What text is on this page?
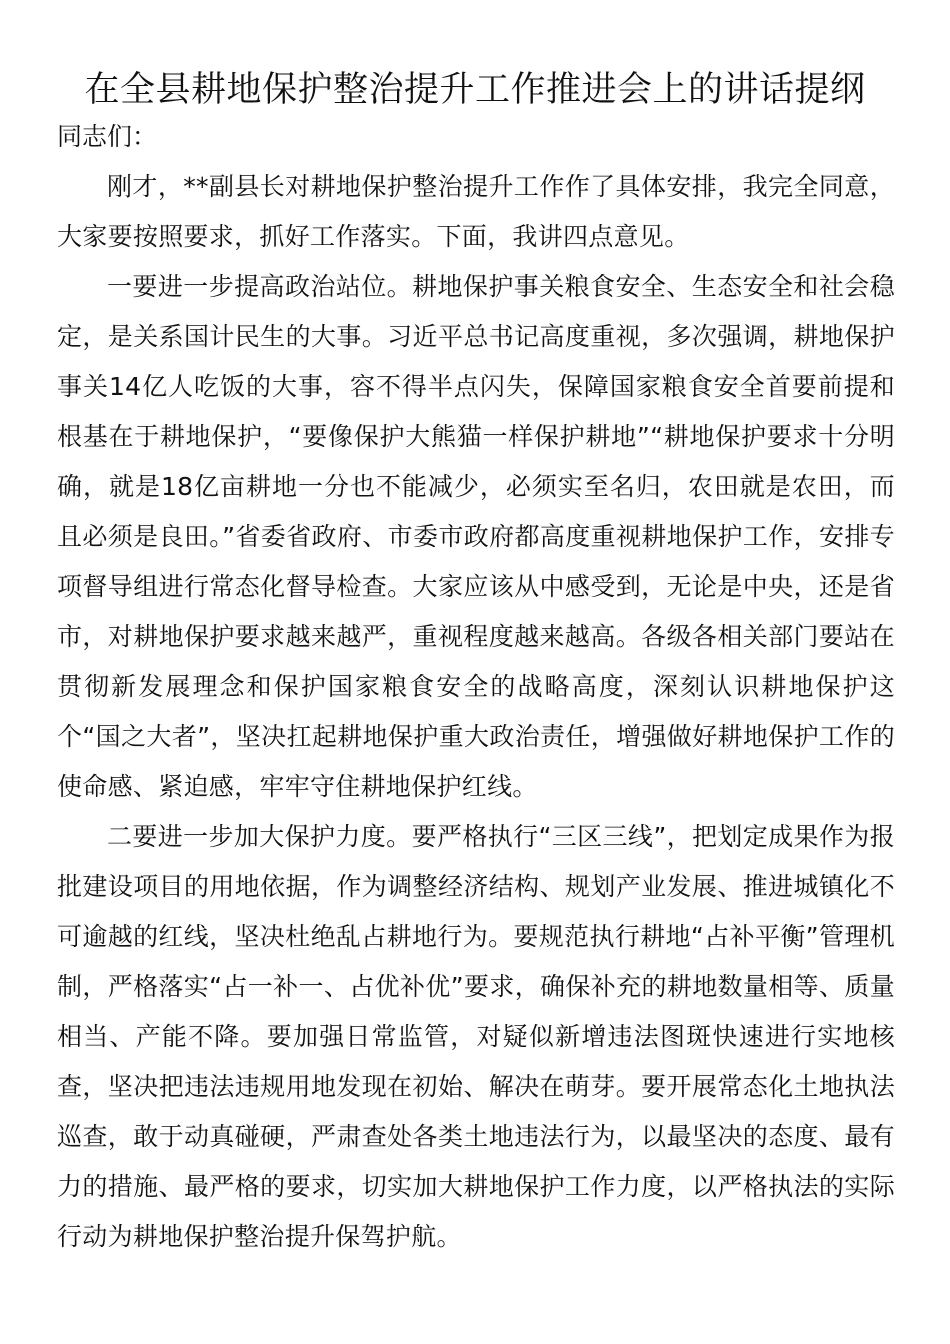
在全县耕地保护整治提升工作推进会上的讲话提纲

同志们：

刚才，**副县长对耕地保护整治提升工作作了具体安排，我完全同意，大家要按照要求，抓好工作落实。下面，我讲四点意见。

一要进一步提高政治站位。耕地保护事关粮食安全、生态安全和社会稳定，是关系国计民生的大事。习近平总书记高度重视，多次强调，耕地保护事关14亿人吃饭的大事，容不得半点闪失，保障国家粮食安全首要前提和根基在于耕地保护，“要像保护大熊猫一样保护耕地”“耕地保护要求十分明确，就是18亿亩耕地一分也不能减少，必须实至名归，农田就是农田，而且必须是良田。”省委省政府、市委市政府都高度重视耕地保护工作，安排专项督导组进行常态化督导检查。大家应该从中感受到，无论是中央，还是省市，对耕地保护要求越来越严，重视程度越来越高。各级各相关部门要站在贯彻新发展理念和保护国家粮食安全的战略高度，深刻认识耕地保护这个“国之大者”，坚决扛起耕地保护重大政治责任，增强做好耕地保护工作的使命感、紧迫感，牢牢守住耕地保护红线。

二要进一步加大保护力度。要严格执行“三区三线”，把划定成果作为报批建设项目的用地依据，作为调整经济结构、规划产业发展、推进城镇化不可逾越的红线，坚决杜绝乱占耕地行为。要规范执行耕地“占补平衡”管理机制，严格落实“占一补一、占优补优”要求，确保补充的耕地数量相等、质量相当、产能不降。要加强日常监管，对疑似新增违法图斑快速进行实地核查，坚决把违法违规用地发现在初始、解决在萌芽。要开展常态化土地执法巡查，敢于动真碰硬，严肃查处各类土地违法行为，以最坚决的态度、最有力的措施、最严格的要求，切实加大耕地保护工作力度，以严格执法的实际行动为耕地保护整治提升保驾护航。
